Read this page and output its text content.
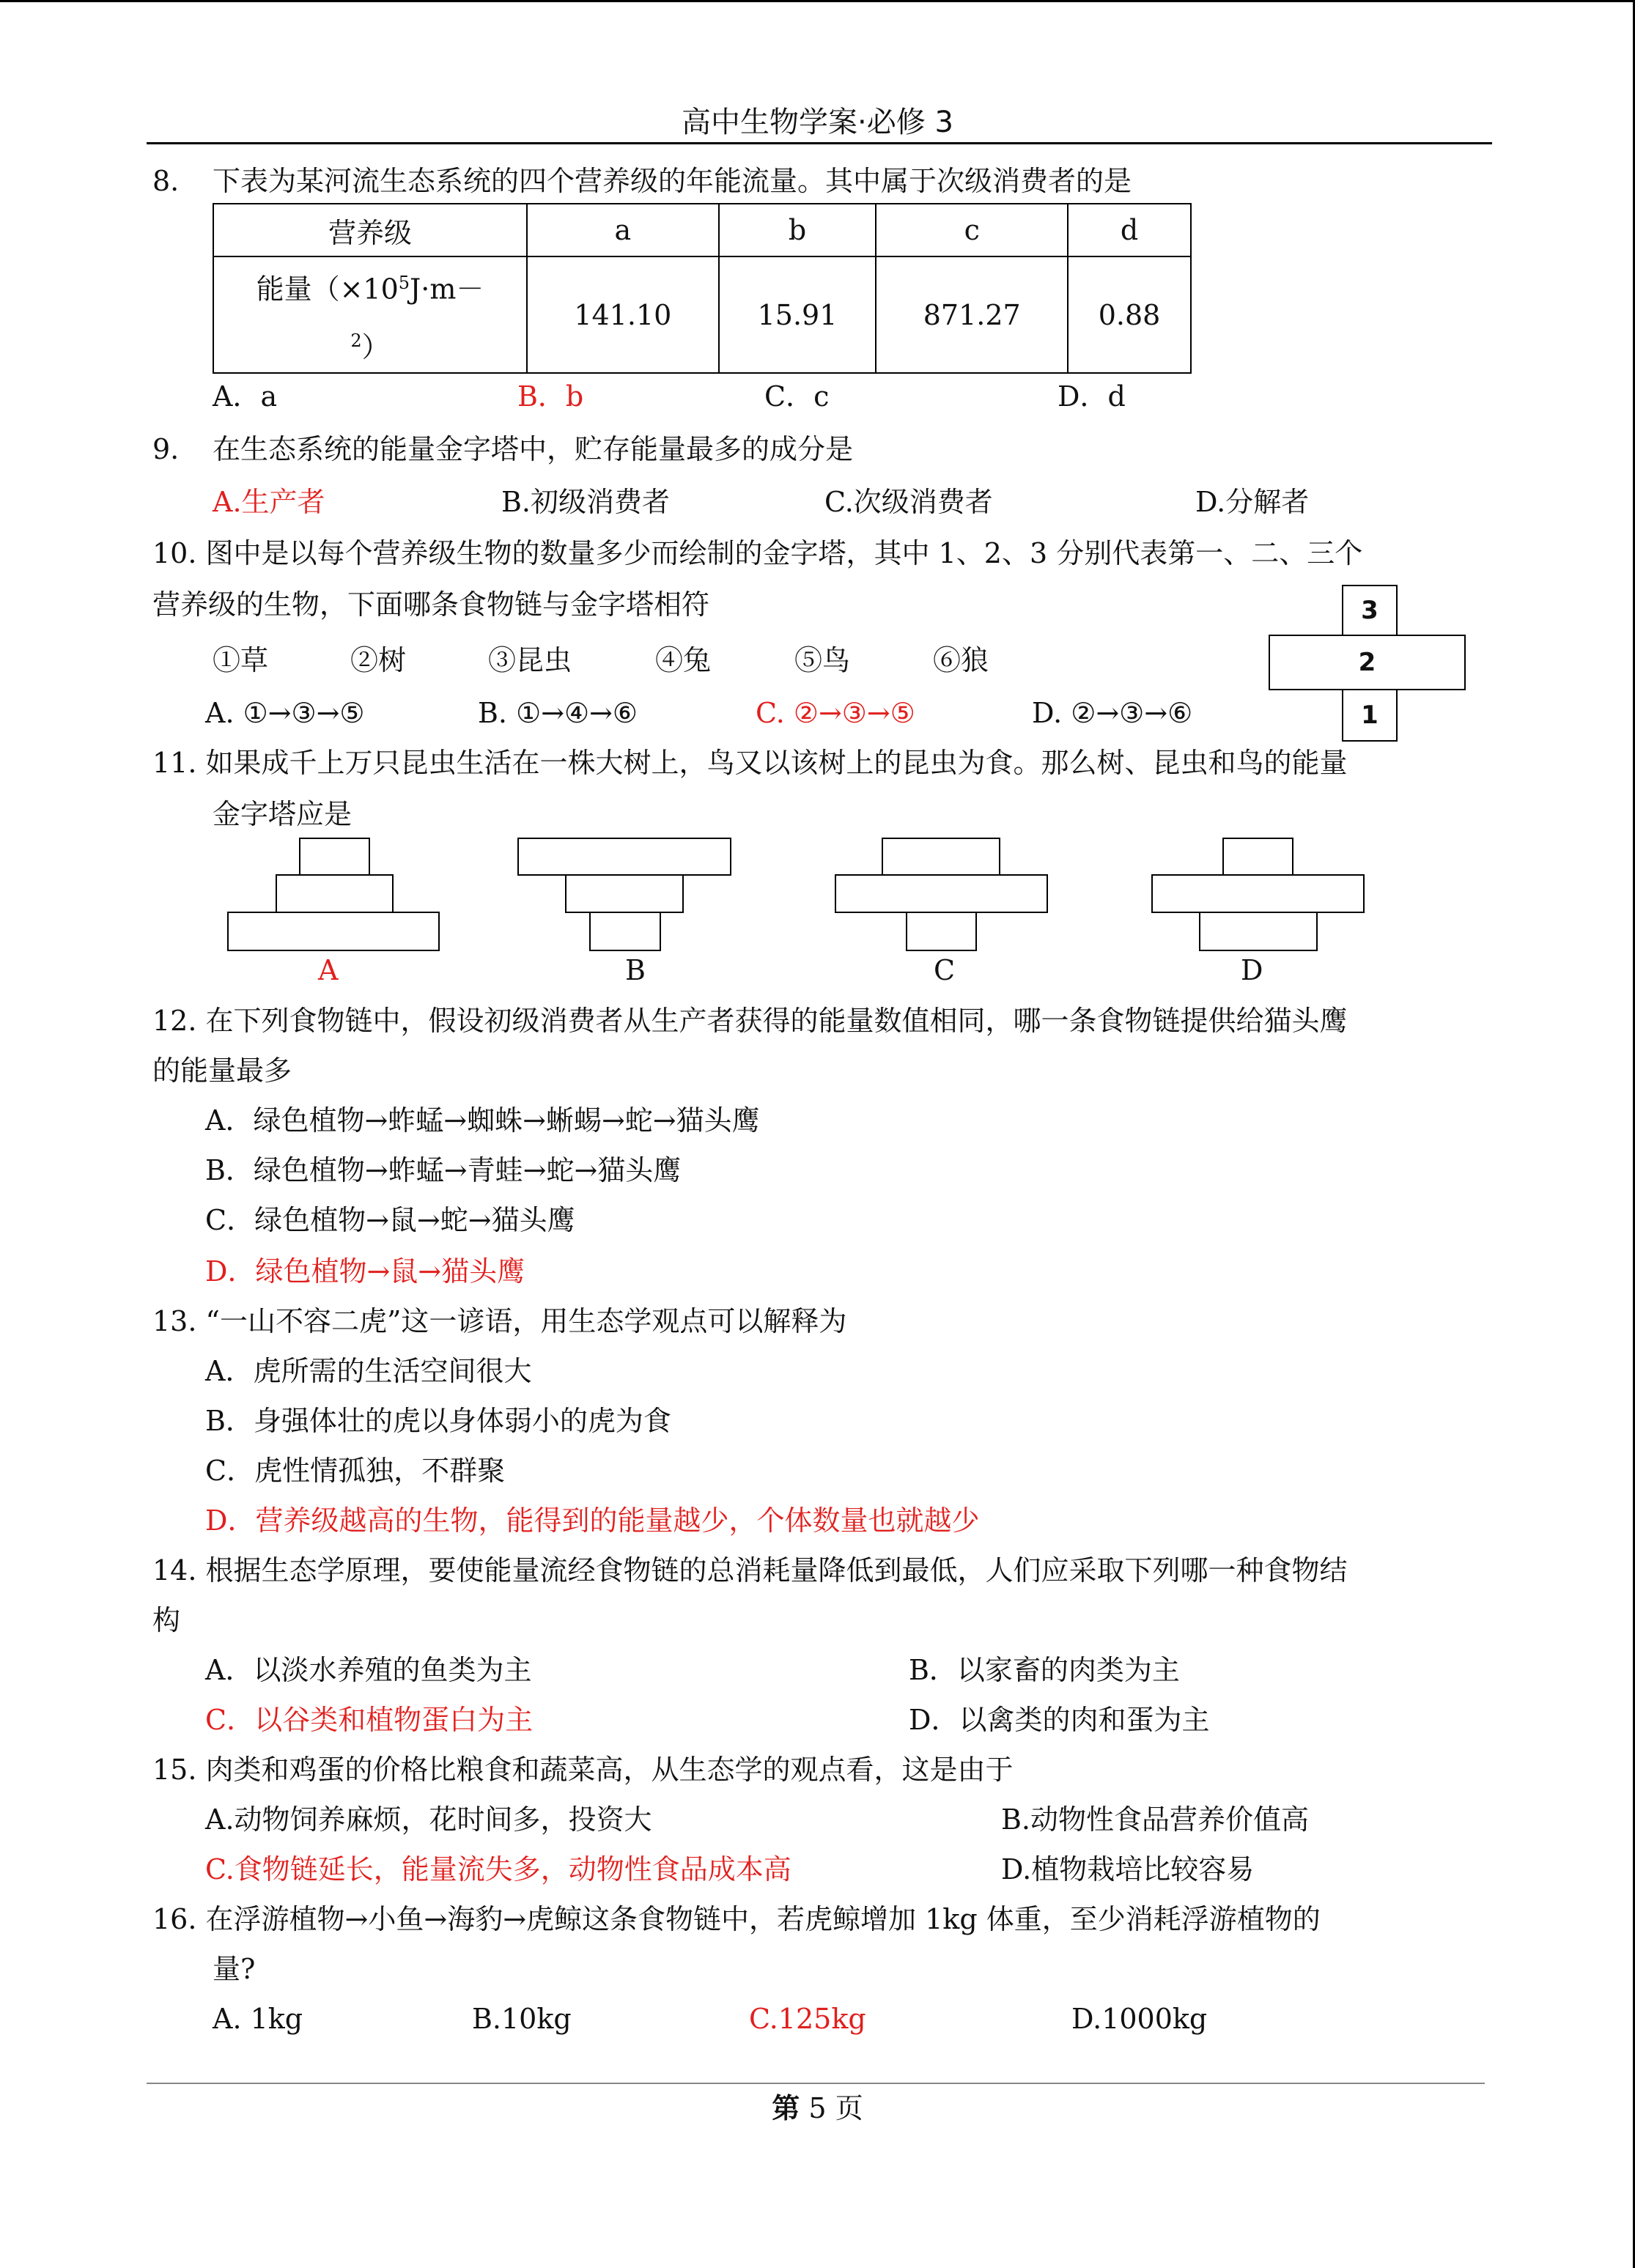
高中生物学案·必修 3
8. 下表为某河流生态系统的四个营养级的年能流量。其中属于次级消费者的是
营养级	a	b	c	d
能量（$\times 10^5J\cdot m-$
$^2$）	141.10	15.91	871.27	0.88
A．a	B．b	C．c	D．d
9. 在生态系统的能量金字塔中，贮存能量最多的成分是
A.生产者	B.初级消费者	C.次级消费者	D.分解者
10. 图中是以每个营养级生物的数量多少而绘制的金字塔，其中 1、2、3 分别代表第一、二、三个
营养级的生物，下面哪条食物链与金字塔相符
①草	②树	③昆虫	④兔	⑤鸟	⑥狼
A. ①→③→⑤	B. ①→④→⑥	C. ②→③→⑤	D. ②→③→⑥
3
2
1
11. 如果成千上万只昆虫生活在一株大树上，鸟又以该树上的昆虫为食。那么树、昆虫和鸟的能量
金字塔应是
A	B	C	D
12. 在下列食物链中，假设初级消费者从生产者获得的能量数值相同，哪一条食物链提供给猫头鹰
的能量最多
A．绿色植物→蚱蜢→蜘蛛→蜥蜴→蛇→猫头鹰
B．绿色植物→蚱蜢→青蛙→蛇→猫头鹰
C．绿色植物→鼠→蛇→猫头鹰
D．绿色植物→鼠→猫头鹰
13. “一山不容二虎”这一谚语，用生态学观点可以解释为
A．虎所需的生活空间很大
B．身强体壮的虎以身体弱小的虎为食
C．虎性情孤独，不群聚
D．营养级越高的生物，能得到的能量越少，个体数量也就越少
14. 根据生态学原理，要使能量流经食物链的总消耗量降低到最低，人们应采取下列哪一种食物结
构
A．以淡水养殖的鱼类为主	B．以家畜的肉类为主
C．以谷类和植物蛋白为主	D．以禽类的肉和蛋为主
15. 肉类和鸡蛋的价格比粮食和蔬菜高，从生态学的观点看，这是由于
A.动物饲养麻烦，花时间多，投资大	B.动物性食品营养价值高
C.食物链延长，能量流失多，动物性食品成本高	D.植物栽培比较容易
16. 在浮游植物→小鱼→海豹→虎鲸这条食物链中，若虎鲸增加 1kg 体重，至少消耗浮游植物的
量?
A. 1kg	B.10kg	C.125kg	D.1000kg
第 5 页
